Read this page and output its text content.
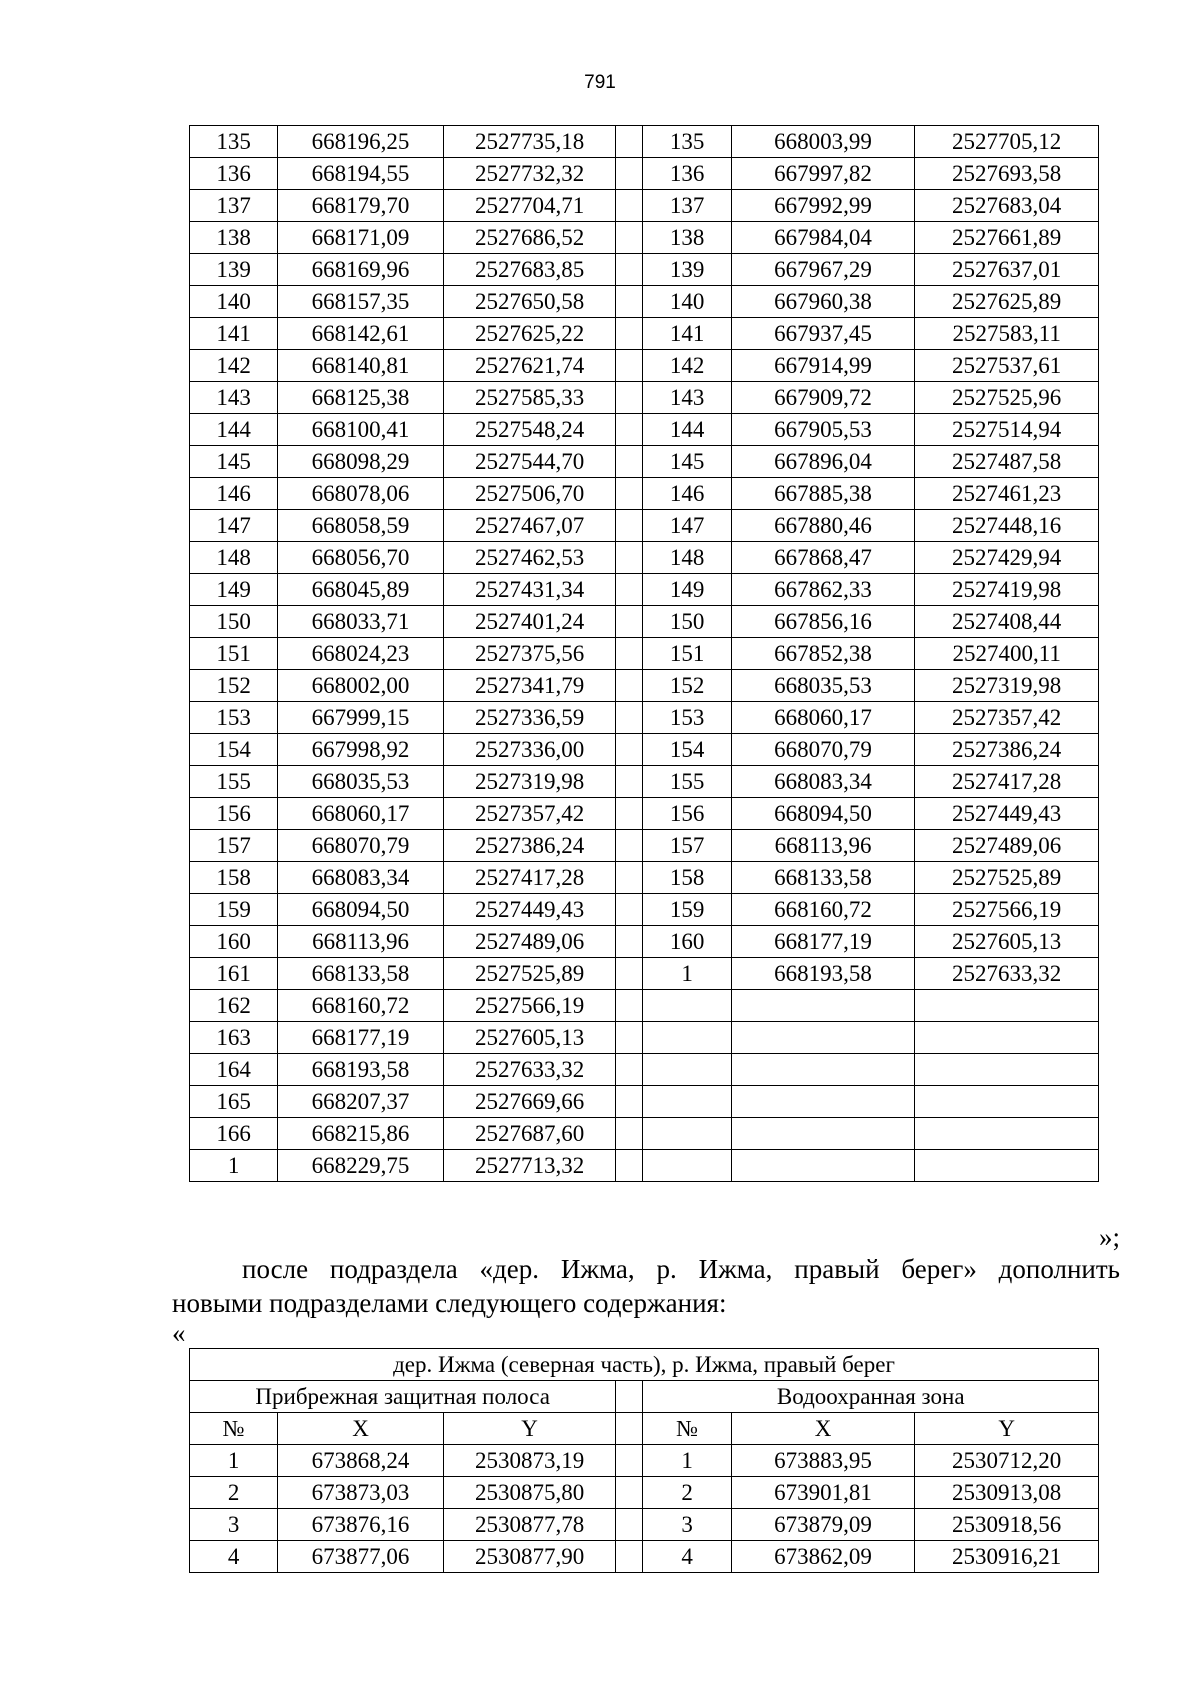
791
135	668196,25	2527735,18		135	668003,99	2527705,12
136	668194,55	2527732,32		136	667997,82	2527693,58
137	668179,70	2527704,71		137	667992,99	2527683,04
138	668171,09	2527686,52		138	667984,04	2527661,89
139	668169,96	2527683,85		139	667967,29	2527637,01
140	668157,35	2527650,58		140	667960,38	2527625,89
141	668142,61	2527625,22		141	667937,45	2527583,11
142	668140,81	2527621,74		142	667914,99	2527537,61
143	668125,38	2527585,33		143	667909,72	2527525,96
144	668100,41	2527548,24		144	667905,53	2527514,94
145	668098,29	2527544,70		145	667896,04	2527487,58
146	668078,06	2527506,70		146	667885,38	2527461,23
147	668058,59	2527467,07		147	667880,46	2527448,16
148	668056,70	2527462,53		148	667868,47	2527429,94
149	668045,89	2527431,34		149	667862,33	2527419,98
150	668033,71	2527401,24		150	667856,16	2527408,44
151	668024,23	2527375,56		151	667852,38	2527400,11
152	668002,00	2527341,79		152	668035,53	2527319,98
153	667999,15	2527336,59		153	668060,17	2527357,42
154	667998,92	2527336,00		154	668070,79	2527386,24
155	668035,53	2527319,98		155	668083,34	2527417,28
156	668060,17	2527357,42		156	668094,50	2527449,43
157	668070,79	2527386,24		157	668113,96	2527489,06
158	668083,34	2527417,28		158	668133,58	2527525,89
159	668094,50	2527449,43		159	668160,72	2527566,19
160	668113,96	2527489,06		160	668177,19	2527605,13
161	668133,58	2527525,89		1	668193,58	2527633,32
162	668160,72	2527566,19				
163	668177,19	2527605,13				
164	668193,58	2527633,32				
165	668207,37	2527669,66				
166	668215,86	2527687,60				
1	668229,75	2527713,32				
»;
после подраздела «дер. Ижма, р. Ижма, правый берег» дополнить
новыми подразделами следующего содержания:
«
дер. Ижма (северная часть), р. Ижма, правый берег						
Прибрежная защитная полоса				Водоохранная зона		
№	X	Y		№	X	Y
1	673868,24	2530873,19		1	673883,95	2530712,20
2	673873,03	2530875,80		2	673901,81	2530913,08
3	673876,16	2530877,78		3	673879,09	2530918,56
4	673877,06	2530877,90		4	673862,09	2530916,21
